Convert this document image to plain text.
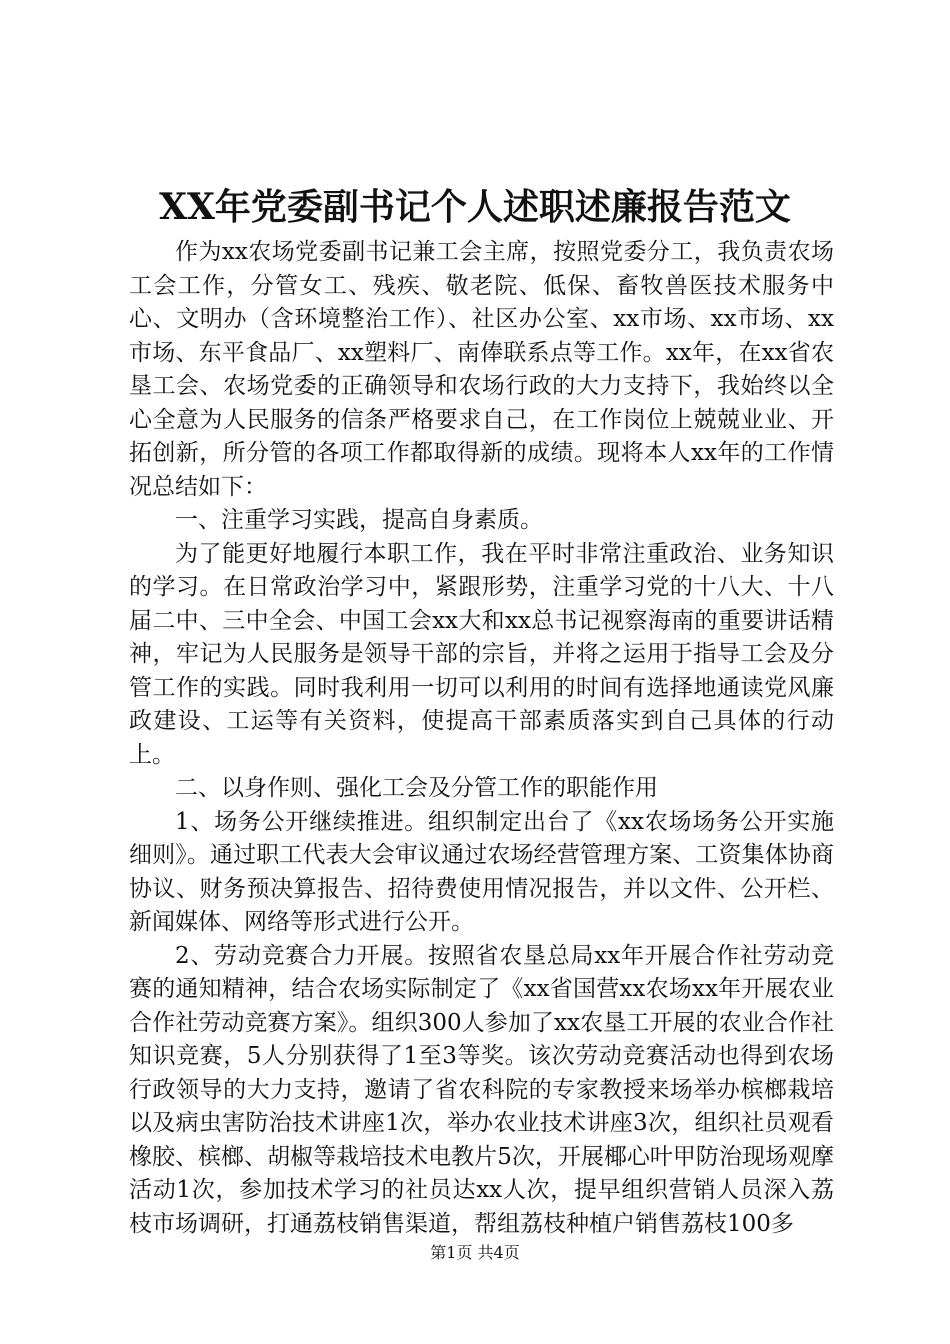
XX年党委副书记个人述职述廉报告范文

作为xx农场党委副书记兼工会主席，按照党委分工，我负责农场工会工作，分管女工、残疾、敬老院、低保、畜牧兽医技术服务中心、文明办（含环境整治工作）、社区办公室、xx市场、xx市场、xx市场、东平食品厂、xx塑料厂、南俸联系点等工作。xx年，在xx省农垦工会、农场党委的正确领导和农场行政的大力支持下，我始终以全心全意为人民服务的信条严格要求自己，在工作岗位上兢兢业业、开拓创新，所分管的各项工作都取得新的成绩。现将本人xx年的工作情况总结如下：

一、注重学习实践，提高自身素质。

为了能更好地履行本职工作，我在平时非常注重政治、业务知识的学习。在日常政治学习中，紧跟形势，注重学习党的十八大、十八届二中、三中全会、中国工会xx大和xx总书记视察海南的重要讲话精神，牢记为人民服务是领导干部的宗旨，并将之运用于指导工会及分管工作的实践。同时我利用一切可以利用的时间有选择地通读党风廉政建设、工运等有关资料，使提高干部素质落实到自己具体的行动上。

二、以身作则、强化工会及分管工作的职能作用

1、场务公开继续推进。组织制定出台了《xx农场场务公开实施细则》。通过职工代表大会审议通过农场经营管理方案、工资集体协商协议、财务预决算报告、招待费使用情况报告，并以文件、公开栏、新闻媒体、网络等形式进行公开。

2、劳动竞赛合力开展。按照省农垦总局xx年开展合作社劳动竞赛的通知精神，结合农场实际制定了《xx省国营xx农场xx年开展农业合作社劳动竞赛方案》。组织300人参加了xx农垦工开展的农业合作社知识竞赛，5人分别获得了1至3等奖。该次劳动竞赛活动也得到农场行政领导的大力支持，邀请了省农科院的专家教授来场举办槟榔栽培以及病虫害防治技术讲座1次，举办农业技术讲座3次，组织社员观看橡胶、槟榔、胡椒等栽培技术电教片5次，开展椰心叶甲防治现场观摩活动1次，参加技术学习的社员达xx人次，提早组织营销人员深入荔枝市场调研，打通荔枝销售渠道，帮组荔枝种植户销售荔枝100多

第1页 共4页
